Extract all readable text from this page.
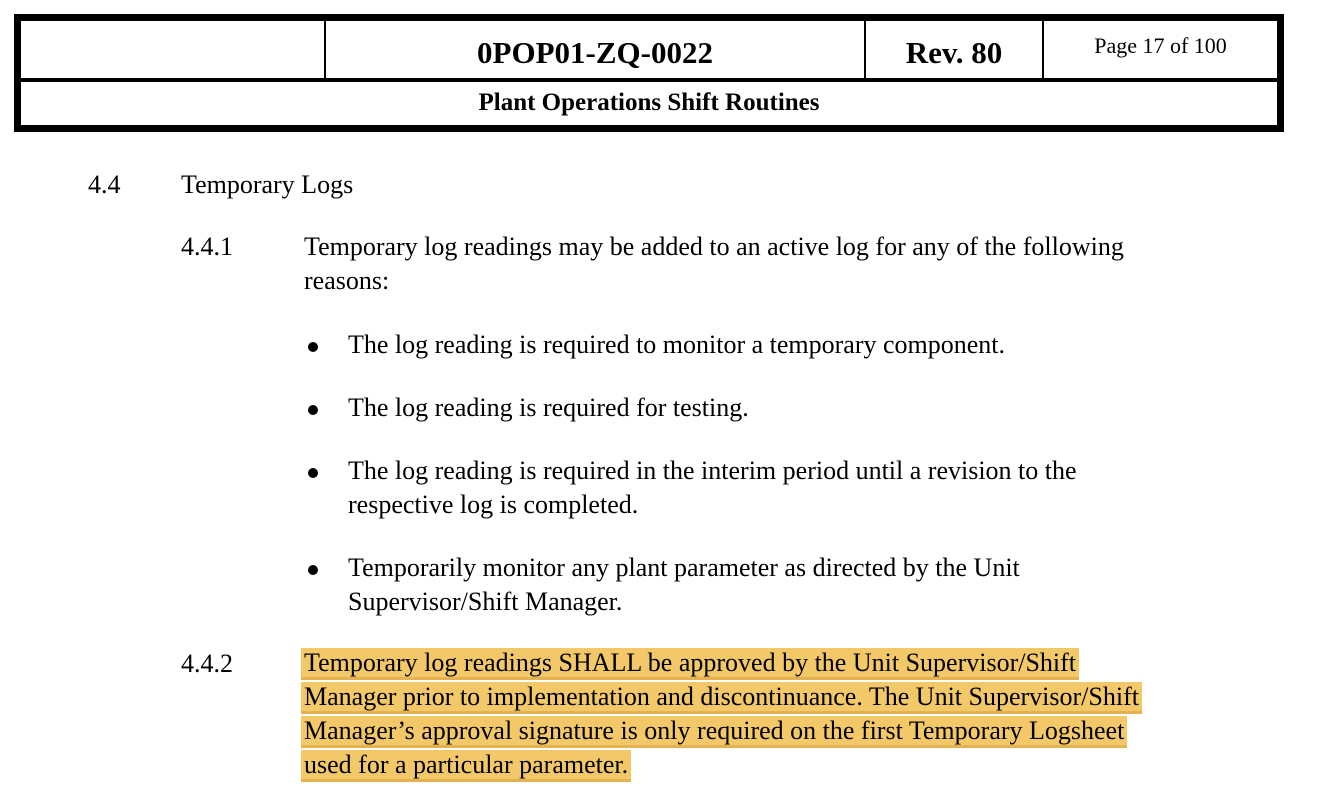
0POP01-ZQ-0022	Rev. 80	Page 17 of 100
Plant Operations Shift Routines
4.4 Temporary Logs
4.4.1	Temporary log readings may be added to an active log for any of the following
reasons:
The log reading is required to monitor a temporary component.
The log reading is required for testing.
The log reading is required in the interim period until a revision to the
respective log is completed.
Temporarily monitor any plant parameter as directed by the Unit
Supervisor/Shift Manager.
4.4.2	Temporary log readings SHALL be approved by the Unit Supervisor/Shift
Manager prior to implementation and discontinuance. The Unit Supervisor/Shift
Manager’s approval signature is only required on the first Temporary Logsheet
used for a particular parameter.
